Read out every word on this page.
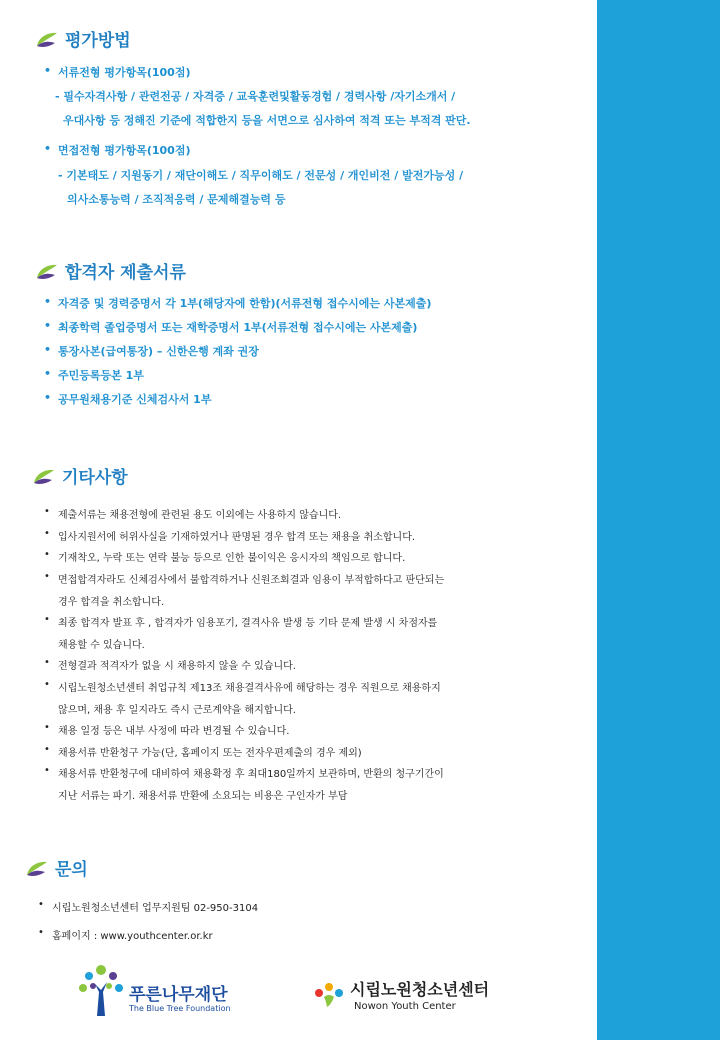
평가방법
• 서류전형 평가항목(100점)
- 필수자격사항 / 관련전공 / 자격증 / 교육훈련및활동경험 / 경력사항 /자기소개서 /
우대사항 등 정해진 기준에 적합한지 등을 서면으로 심사하여 적격 또는 부적격 판단.
• 면접전형 평가항목(100점)
- 기본태도 / 지원동기 / 재단이해도 / 직무이해도 / 전문성 / 개인비전 / 발전가능성 /
의사소통능력 / 조직적응력 / 문제해결능력 등
합격자 제출서류
• 자격증 및 경력증명서 각 1부(해당자에 한함)(서류전형 접수시에는 사본제출)
• 최종학력 졸업증명서 또는 재학증명서 1부(서류전형 접수시에는 사본제출)
• 통장사본(급여통장) – 신한은행 계좌 권장
• 주민등록등본 1부
• 공무원채용기준 신체검사서 1부
기타사항
• 제출서류는 채용전형에 관련된 용도 이외에는 사용하지 않습니다.
• 입사지원서에 허위사실을 기재하였거나 판명된 경우 합격 또는 채용을 취소합니다.
• 기재착오, 누락 또는 연락 불능 등으로 인한 불이익은 응시자의 책임으로 합니다.
• 면접합격자라도 신체검사에서 불합격하거나 신원조회결과 임용이 부적합하다고 판단되는
경우 합격을 취소합니다.
• 최종 합격자 발표 후 , 합격자가 임용포기, 결격사유 발생 등 기타 문제 발생 시 차점자를
채용할 수 있습니다.
• 전형결과 적격자가 없을 시 채용하지 않을 수 있습니다.
• 시립노원청소년센터 취업규칙 제13조 채용결격사유에 해당하는 경우 직원으로 채용하지
않으며, 채용 후 일지라도 즉시 근로계약을 해지합니다.
• 채용 일정 등은 내부 사정에 따라 변경될 수 있습니다.
• 채용서류 반환청구 가능(단, 홈페이지 또는 전자우편제출의 경우 제외)
• 채용서류 반환청구에 대비하여 채용확정 후 최대180일까지 보관하며, 반환의 청구기간이
지난 서류는 파기. 채용서류 반환에 소요되는 비용은 구인자가 부담
문의
• 시립노원청소년센터 업무지원팀 02-950-3104
• 홈페이지 : www.youthcenter.or.kr
푸른나무재단
The Blue Tree Foundation
시립노원청소년센터
Nowon Youth Center
